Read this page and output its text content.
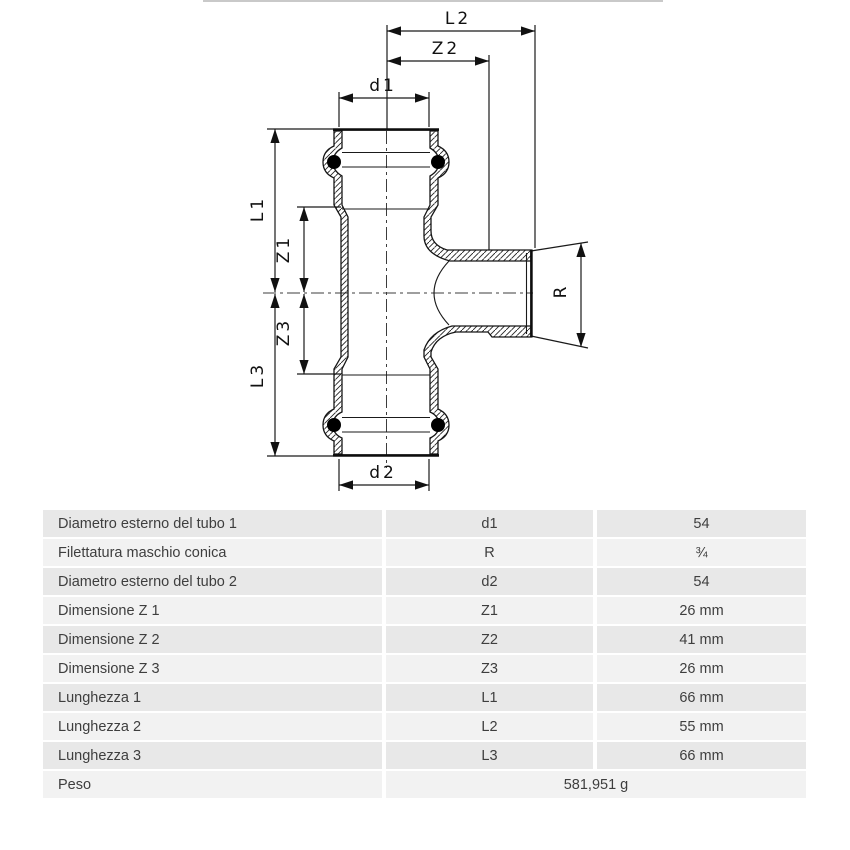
L2
Z2
d1
d2
L1
Z1
Z3
L3
R
Diametro esterno del tubo 1	d1	54
Filettatura maschio conica	R	¾
Diametro esterno del tubo 2	d2	54
Dimensione Z 1	Z1	26 mm
Dimensione Z 2	Z2	41 mm
Dimensione Z 3	Z3	26 mm
Lunghezza 1	L1	66 mm
Lunghezza 2	L2	55 mm
Lunghezza 3	L3	66 mm
Peso	581,951 g
